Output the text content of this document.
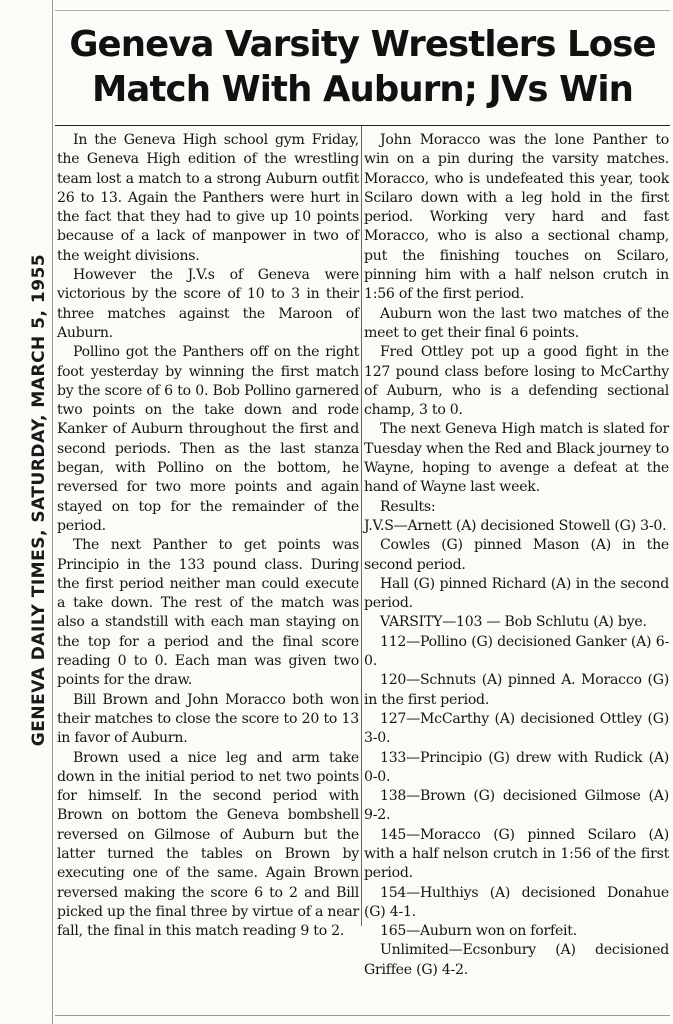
GENEVA DAILY TIMES, SATURDAY, MARCH 5, 1955
Geneva Varsity Wrestlers Lose
Match With Auburn; JVs Win

In the Geneva High school gym Friday, the Geneva High edition of the wrestling team lost a match to a strong Auburn outfit 26 to 13. Again the Panthers were hurt in the fact that they had to give up 10 points because of a lack of manpower in two of the weight divisions.

However the J.V.s of Geneva were victorious by the score of 10 to 3 in their three matches against the Maroon of Auburn.

Pollino got the Panthers off on the right foot yesterday by winning the first match by the score of 6 to 0. Bob Pollino garnered two points on the take down and rode Kanker of Auburn throughout the first and second periods. Then as the last stanza began, with Pollino on the bottom, he reversed for two more points and again stayed on top for the remainder of the period.

The next Panther to get points was Principio in the 133 pound class. During the first period neither man could execute a take down. The rest of the match was also a standstill with each man staying on the top for a period and the final score reading 0 to 0. Each man was given two points for the draw.

Bill Brown and John Moracco both won their matches to close the score to 20 to 13 in favor of Auburn.

Brown used a nice leg and arm take down in the initial period to net two points for himself. In the second period with Brown on bottom the Geneva bombshell reversed on Gilmose of Auburn but the latter turned the tables on Brown by executing one of the same. Again Brown reversed making the score 6 to 2 and Bill picked up the final three by virtue of a near fall, the final in this match reading 9 to 2.

John Moracco was the lone Panther to win on a pin during the varsity matches. Moracco, who is undefeated this year, took Scilaro down with a leg hold in the first period. Working very hard and fast Moracco, who is also a sectional champ, put the finishing touches on Scilaro, pinning him with a half nelson crutch in 1:56 of the first period.

Auburn won the last two matches of the meet to get their final 6 points.

Fred Ottley pot up a good fight in the 127 pound class before losing to McCarthy of Auburn, who is a defending sectional champ, 3 to 0.

The next Geneva High match is slated for Tuesday when the Red and Black journey to Wayne, hoping to avenge a defeat at the hand of Wayne last week.

Results:

J.V.S—Arnett (A) decisioned Stowell (G) 3-0.

Cowles (G) pinned Mason (A) in the second period.

Hall (G) pinned Richard (A) in the second period.

VARSITY—103 — Bob Schlutu (A) bye.

112—Pollino (G) decisioned Ganker (A) 6-0.

120—Schnuts (A) pinned A. Moracco (G) in the first period.

127—McCarthy (A) decisioned Ottley (G) 3-0.

133—Principio (G) drew with Rudick (A) 0-0.

138—Brown (G) decisioned Gilmose (A) 9-2.

145—Moracco (G) pinned Scilaro (A) with a half nelson crutch in 1:56 of the first period.

154—Hulthiys (A) decisioned Donahue (G) 4-1.

165—Auburn won on forfeit.

Unlimited—Ecsonbury (A) decisioned Griffee (G) 4-2.
